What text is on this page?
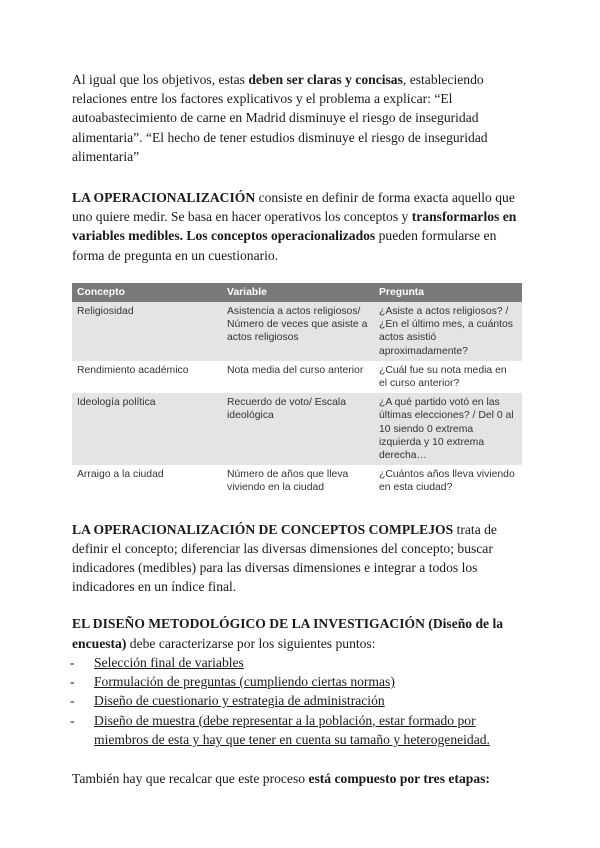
Al igual que los objetivos, estas deben ser claras y concisas, estableciendo relaciones entre los factores explicativos y el problema a explicar: “El autoabastecimiento de carne en Madrid disminuye el riesgo de inseguridad alimentaria”. “El hecho de tener estudios disminuye el riesgo de inseguridad alimentaria”

LA OPERACIONALIZACIÓN consiste en definir de forma exacta aquello que uno quiere medir. Se basa en hacer operativos los conceptos y transformarlos en variables medibles. Los conceptos operacionalizados pueden formularse en forma de pregunta en un cuestionario.

Concepto	Variable	Pregunta
Religiosidad	Asistencia a actos religiosos/ Número de veces que asiste a actos religiosos	¿Asiste a actos religiosos? / ¿En el último mes, a cuántos actos asistió aproximadamente?
Rendimiento académico	Nota media del curso anterior	¿Cuál fue su nota media en el curso anterior?
Ideología política	Recuerdo de voto/ Escala ideológica	¿A qué partido votó en las últimas elecciones? / Del 0 al 10 siendo 0 extrema izquierda y 10 extrema derecha…
Arraigo a la ciudad	Número de años que lleva viviendo en la ciudad	¿Cuántos años lleva viviendo en esta ciudad?

LA OPERACIONALIZACIÓN DE CONCEPTOS COMPLEJOS trata de definir el concepto; diferenciar las diversas dimensiones del concepto; buscar indicadores (medibles) para las diversas dimensiones e integrar a todos los indicadores en un índice final.

EL DISEÑO METODOLÓGICO DE LA INVESTIGACIÓN (Diseño de la encuesta) debe caracterizarse por los siguientes puntos:

- Selección final de variables
- Formulación de preguntas (cumpliendo ciertas normas)
- Diseño de cuestionario y estrategia de administración
- Diseño de muestra (debe representar a la población, estar formado por miembros de esta y hay que tener en cuenta su tamaño y heterogeneidad.

También hay que recalcar que este proceso está compuesto por tres etapas:
